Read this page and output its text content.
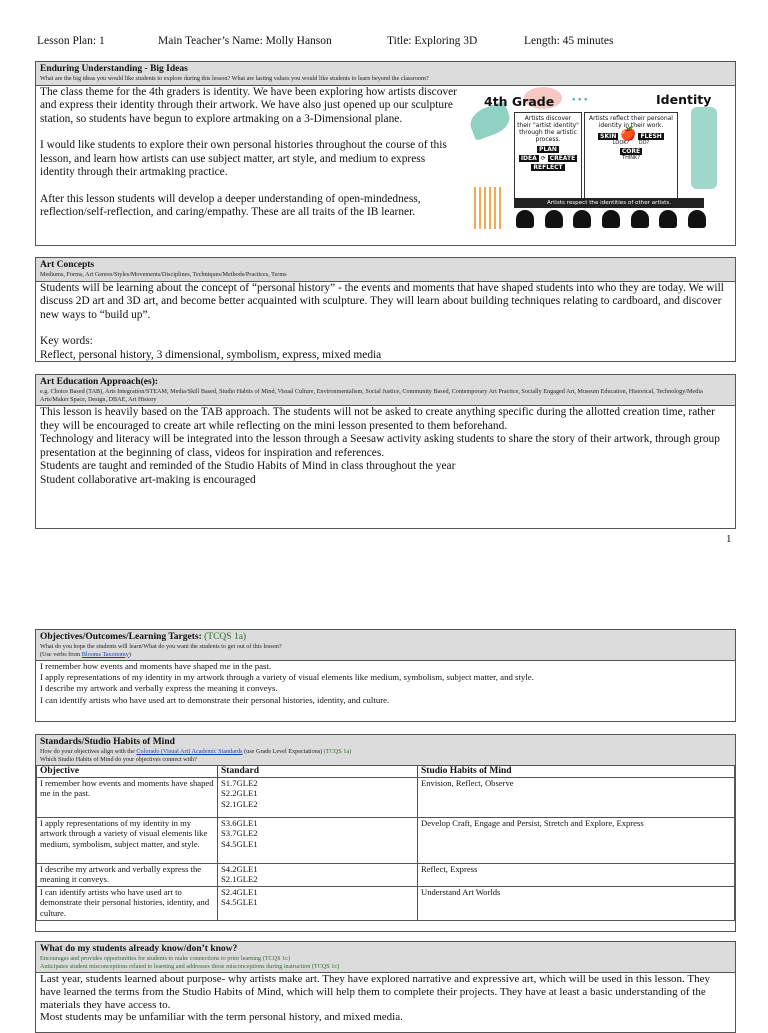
Lesson Plan: 1	Main Teacher’s Name: Molly Hanson	Title: Exploring 3D	Length: 45 minutes
Enduring Understanding - Big Ideas
What are the big ideas you would like students to explore during this lesson? What are lasting values you would like students to learn beyond the classroom?

The class theme for the 4th graders is identity. We have been exploring how artists discover and express their identity through their artwork. We have also just opened up our sculpture station, so students have begun to explore artmaking on a 3-Dimensional plane.

I would like students to explore their own personal histories throughout the course of this lesson, and learn how artists can use subject matter, art style, and medium to express identity through their artmaking practice.

After this lesson students will develop a deeper understanding of open-mindedness, reflection/self-reflection, and caring/empathy. These are all traits of the IB learner.

• • •
4th Grade	Identity
Artists discover their "artist identity" through the artistic process.
PLAN
IDEA ⟳ CREATE
REFLECT
Artists reflect their personal identity in their work.
SKIN 🍎 FLESH
LOOK? DO?
CORE
THINK?
Artists respect the identities of other artists.
Art Concepts
Mediums, Forms, Art Genres/Styles/Movements/Disciplines, Techniques/Methods/Practices, Terms

Students will be learning about the concept of “personal history” - the events and moments that have shaped students into who they are today. We will discuss 2D art and 3D art, and become better acquainted with sculpture. They will learn about building techniques relating to cardboard, and discover new ways to “build up”.

Key words:

Reflect, personal history, 3 dimensional, symbolism, express, mixed media

Art Education Approach(es):
e.g. Choice Based (TAB), Arts Integration/STEAM, Media/Skill Based, Studio Habits of Mind, Visual Culture, Environmentalism, Social Justice, Community Based, Contemporary Art Practice, Socially Engaged Art, Museum Education, Historical, Technology/Media Arts/Maker Space, Design, DBAE, Art History

This lesson is heavily based on the TAB approach. The students will not be asked to create anything specific during the allotted creation time, rather they will be encouraged to create art while reflecting on the mini lesson presented to them beforehand.

Technology and literacy will be integrated into the lesson through a Seesaw activity asking students to share the story of their artwork, through group presentation at the beginning of class, videos for inspiration and references.

Students are taught and reminded of the Studio Habits of Mind in class throughout the year

Student collaborative art-making is encouraged

1
Objectives/Outcomes/Learning Targets: (TCQS 1a)
What do you hope the students will learn/What do you want the students to get out of this lesson?
(Use verbs from Blooms Taxonomy)

I remember how events and moments have shaped me in the past.

I apply representations of my identity in my artwork through a variety of visual elements like medium, symbolism, subject matter, and style.

I describe my artwork and verbally express the meaning it conveys.

I can identify artists who have used art to demonstrate their personal histories, identity, and culture.

Standards/Studio Habits of Mind
How do your objectives align with the Colorado (Visual Art) Academic Standards (use Grade Level Expectations) (TCQS 1a)
Which Studio Habits of Mind do your objectives connect with?
Objective	Standard	Studio Habits of Mind
I remember how events and moments have shaped me in the past.	S1.7GLE2
S2.2GLE1
S2.1GLE2	Envision, Reflect, Observe
I apply representations of my identity in my artwork through a variety of visual elements like medium, symbolism, subject matter, and style.	S3.6GLE1
S3.7GLE2
S4.5GLE1	Develop Craft, Engage and Persist, Stretch and Explore, Express
I describe my artwork and verbally express the meaning it conveys.	S4.2GLE1
S2.1GLE2	Reflect, Express
I can identify artists who have used art to demonstrate their personal histories, identity, and culture.	S2.4GLE1
S4.5GLE1	Understand Art Worlds
What do my students already know/don’t know?
Encourages and provides opportunities for students to make connections to prior learning (TCQS 1c)
Anticipates student misconceptions related to learning and addresses those misconceptions during instruction (TCQS 1c)

Last year, students learned about purpose- why artists make art. They have explored narrative and expressive art, which will be used in this lesson. They have learned the terms from the Studio Habits of Mind, which will help them to complete their projects. They have at least a basic understanding of the materials they have access to.

Most students may be unfamiliar with the term personal history, and mixed media.
